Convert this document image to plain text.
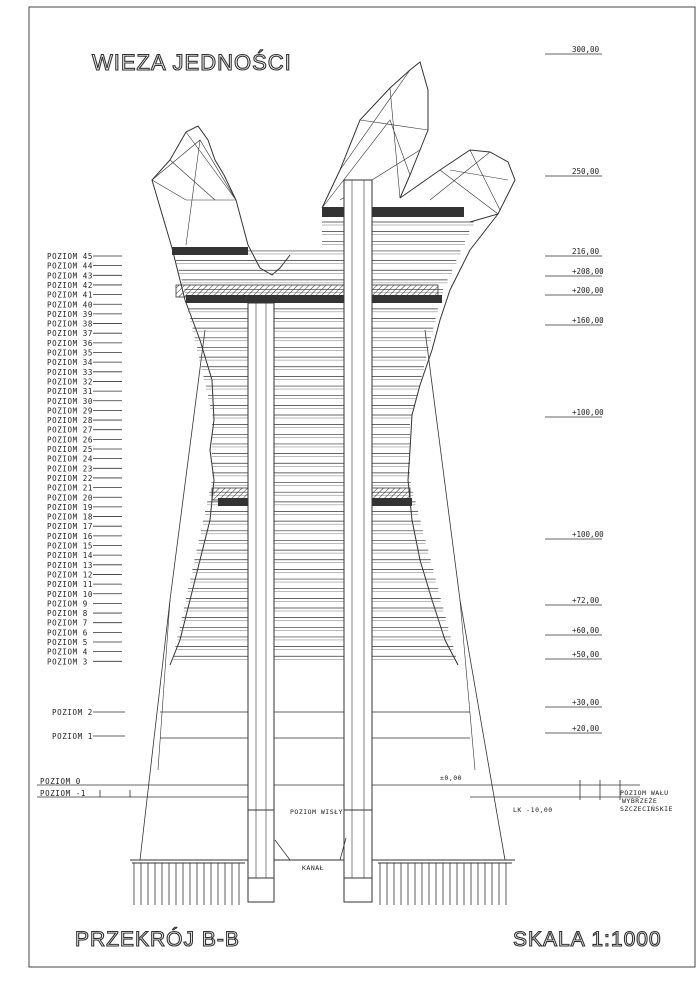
WIEZA JEDNOŚCI
POZIOM 45
POZIOM 44
POZIOM 43
POZIOM 42
POZIOM 41
POZIOM 40
POZIOM 39
POZIOM 38
POZIOM 37
POZIOM 36
POZIOM 35
POZIOM 34
POZIOM 33
POZIOM 32
POZIOM 31
POZIOM 30
POZIOM 29
POZIOM 28
POZIOM 27
POZIOM 26
POZIOM 25
POZIOM 24
POZIOM 23
POZIOM 22
POZIOM 21
POZIOM 20
POZIOM 19
POZIOM 18
POZIOM 17
POZIOM 16
POZIOM 15
POZIOM 14
POZIOM 13
POZIOM 12
POZIOM 11
POZIOM 10
POZIOM 9
POZIOM 8
POZIOM 7
POZIOM 6
POZIOM 5
POZIOM 4
POZIOM 3
POZIOM 2
POZIOM 1
POZIOM 0
POZIOM -1
300,00
250,00
216,00
+208,00
+200,00
+160,00
+100,00
+100,00
+72,00
+60,00
+50,00
+30,00
+20,00
POZIOM WISŁY
KANAŁ
±0,00
LK -10,00
POZIOM WAŁU
WYBRZEŻE
SZCZECIŃSKIE
PRZEKRÓJ B-B	SKALA 1:1000
